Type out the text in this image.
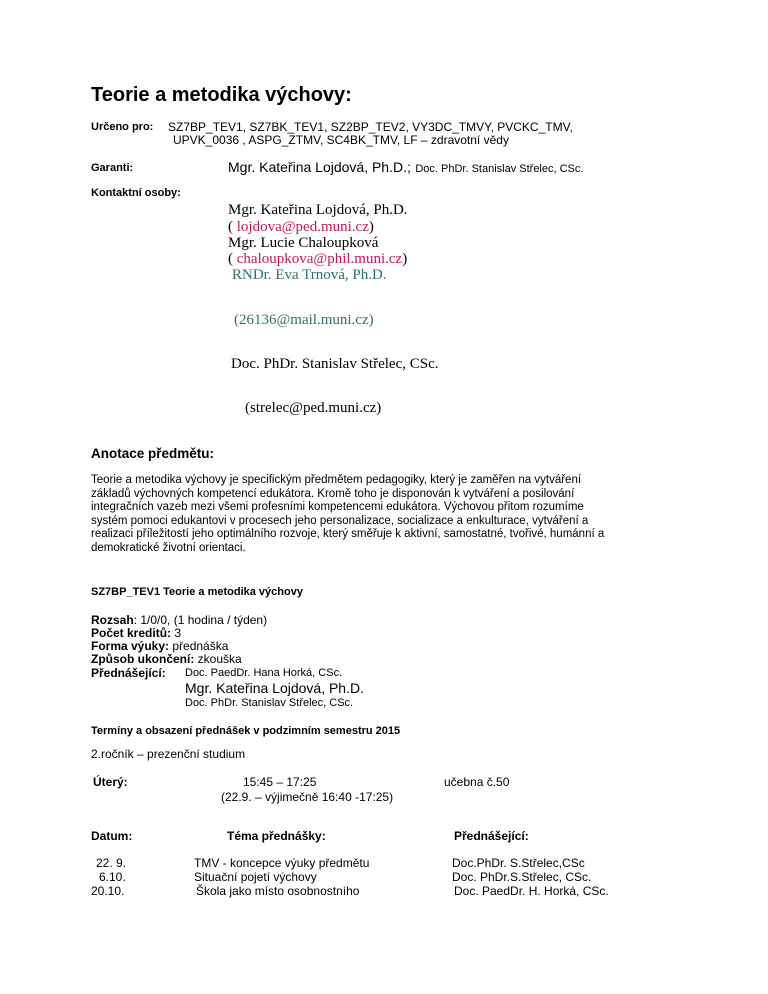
Teorie a metodika výchovy:
Určeno pro: SZ7BP_TEV1, SZ7BK_TEV1, SZ2BP_TEV2, VY3DC_TMVY, PVCKC_TMV,
UPVK_0036 , ASPG_ZTMV, SC4BK_TMV, LF – zdravotní vědy
Garanti:	Mgr. Kateřina Lojdová, Ph.D.; Doc. PhDr. Stanislav Střelec, CSc.
Kontaktní osoby:
Mgr. Kateřina Lojdová, Ph.D.
( lojdova@ped.muni.cz)
Mgr. Lucie Chaloupková
( chaloupkova@phil.muni.cz)
RNDr. Eva Trnová, Ph.D.
(26136@mail.muni.cz)
Doc. PhDr. Stanislav Střelec, CSc.
(strelec@ped.muni.cz)
Anotace předmětu:
Teorie a metodika výchovy je specifickým předmětem pedagogiky, který je zaměřen na vytváření
základů výchovných kompetencí edukátora. Kromě toho je disponován k vytváření a posilování
integračních vazeb mezi všemi profesními kompetencemi edukátora. Výchovou přitom rozumíme
systém pomoci edukantovi v procesech jeho personalizace, socializace a enkulturace, vytváření a
realizaci příležitostí jeho optimálního rozvoje, který směřuje k aktivní, samostatné, tvořivé, humánní a
demokratické životní orientaci.
SZ7BP_TEV1 Teorie a metodika výchovy
Rozsah: 1/0/0, (1 hodina / týden)
Počet kreditů: 3
Forma výuky: přednáška
Způsob ukončení: zkouška
Přednášející: Doc. PaedDr. Hana Horká, CSc.
Mgr. Kateřina Lojdová, Ph.D.
Doc. PhDr. Stanislav Střelec, CSc.
Termíny a obsazení přednášek v podzimním semestru 2015
2.ročník – prezenční studium
Úterý:	15:45 – 17:25	učebna č.50
(22.9. – výjimečně 16:40 -17:25)
Datum:	Téma přednášky:	Přednášející:
22. 9.	TMV - koncepce výuky předmětu	Doc.PhDr. S.Střelec,CSc
6.10.	Situační pojetí výchovy	Doc. PhDr.S.Střelec, CSc.
20.10.	Škola jako místo osobnostního	Doc. PaedDr. H. Horká, CSc.
